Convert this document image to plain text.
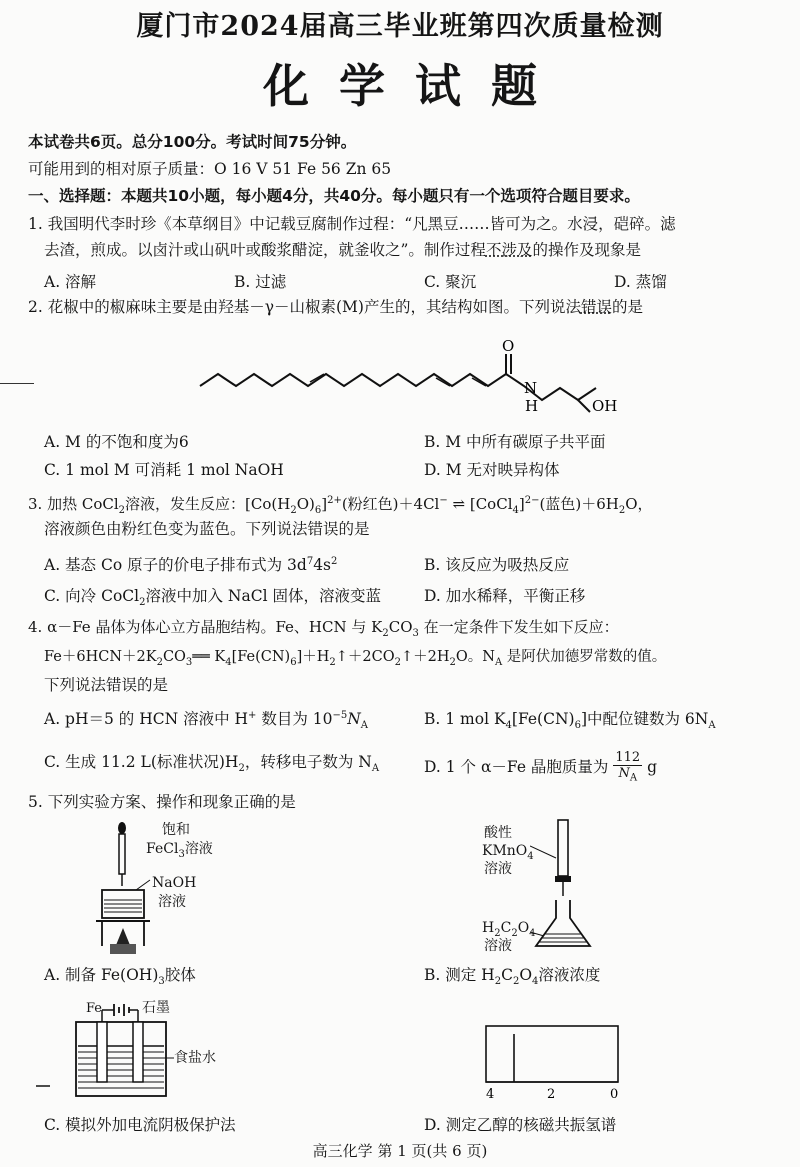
厦门市2024届高三毕业班第四次质量检测
化学试题
本试卷共6页。总分100分。考试时间75分钟。
可能用到的相对原子质量：O 16 V 51 Fe 56 Zn 65
一、选择题：本题共10小题，每小题4分，共40分。每小题只有一个选项符合题目要求。
1. 我国明代李时珍《本草纲目》中记载豆腐制作过程：“凡黑豆……皆可为之。水浸，硙碎。滤
去渣，煎成。以卤汁或山矾叶或酸浆醋淀，就釜收之”。制作过程不涉及的操作及现象是
A. 溶解	B. 过滤	C. 聚沉	D. 蒸馏
2. 花椒中的椒麻味主要是由羟基－γ－山椒素(M)产生的，其结构如图。下列说法错误的是
O
N
H	OH
A. M 的不饱和度为6	B. M 中所有碳原子共平面
C. 1 mol M 可消耗 1 mol NaOH	D. M 无对映异构体
3. 加热 CoCl$_2$溶液，发生反应：$[Co(H_2O)_6]^{2+}$(粉红色)＋4Cl− ⇌ [CoCl$_4$]$^{2-}$(蓝色)$+6H_2O$，
溶液颜色由粉红色变为蓝色。下列说法错误的是
A. 基态 Co 原子的价电子排布式为 $3d^74s^2$	B. 该反应为吸热反应
C. 向冷 CoCl$_2$溶液中加入 NaCl 固体，溶液变蓝	D. 加水稀释，平衡正移
4. α－Fe 晶体为体心立方晶胞结构。Fe、HCN 与 $K_2CO_3$ 在一定条件下发生如下反应：
$Fe+6HCN+2K_2CO_3══$ $K_4[Fe(CN)_6]+H_2↑+2CO_2↑+2H_2O$。$N_A$ 是阿伏加德罗常数的值。
下列说法错误的是
A. pH＝5 的 HCN 溶液中 H+ 数目为 $10^{-5}N_A$	B. 1 mol $K_4[Fe(CN)_6]$中配位键数为 $6N_A$
C. 生成 11.2 L(标准状况)$H_2$，转移电子数为 $N_A$	D. 1 个 α－Fe 晶胞质量为 $\frac{112}{N_A}$ g
5. 下列实验方案、操作和现象正确的是
饱和
FeCl$_3$溶液
NaOH
溶液
A. 制备 $Fe(OH)_3$胶体
酸性
KMnO$_4$
溶液
$H_2C_2O_4$
溶液
B. 测定 $H_2C_2O_4$溶液浓度
Fe	石墨
食盐水
C. 模拟外加电流阴极保护法
4	2	0
D. 测定乙醇的核磁共振氢谱
高三化学 第 1 页(共 6 页)
